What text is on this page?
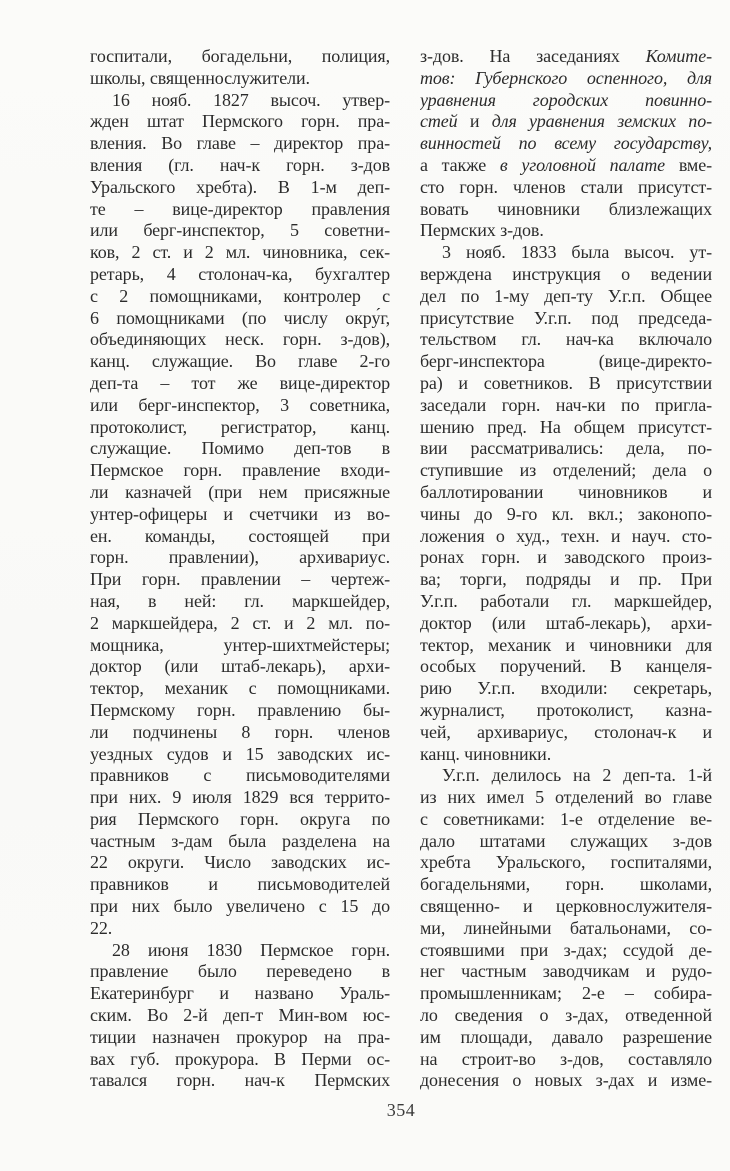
госпитали, богадельни, полиция,
школы, священнослужители.
16 нояб. 1827 высоч. утвер-
жден штат Пермского горн. пра-
вления. Во главе – директор пра-
вления (гл. нач-к горн. з-дов
Уральского хребта). В 1-м деп-
те – вице-директор правления
или берг-инспектор, 5 советни-
ков, 2 ст. и 2 мл. чиновника, сек-
ретарь, 4 столонач-ка, бухгалтер
с 2 помощниками, контролер с
6 помощниками (по числу окру́г,
объединяющих неск. горн. з-дов),
канц. служащие. Во главе 2-го
деп-та – тот же вице-директор
или берг-инспектор, 3 советника,
протоколист, регистратор, канц.
служащие. Помимо деп-тов в
Пермское горн. правление входи-
ли казначей (при нем присяжные
унтер-офицеры и счетчики из во-
ен. команды, состоящей при
горн. правлении), архивариус.
При горн. правлении – чертеж-
ная, в ней: гл. маркшейдер,
2 маркшейдера, 2 ст. и 2 мл. по-
мощника, унтер-шихтмейстеры;
доктор (или штаб-лекарь), архи-
тектор, механик с помощниками.
Пермскому горн. правлению бы-
ли подчинены 8 горн. членов
уездных судов и 15 заводских ис-
правников с письмоводителями
при них. 9 июля 1829 вся террито-
рия Пермского горн. округа по
частным з-дам была разделена на
22 округи. Число заводских ис-
правников и письмоводителей
при них было увеличено с 15 до
22.
28 июня 1830 Пермское горн.
правление было переведено в
Екатеринбург и названо Ураль-
ским. Во 2-й деп-т Мин-вом юс-
тиции назначен прокурор на пра-
вах губ. прокурора. В Перми ос-
тавался горн. нач-к Пермских
з-дов. На заседаниях Комите-
тов: Губернского оспенного, для
уравнения городских повинно-
стей и для уравнения земских по-
винностей по всему государству,
а также в уголовной палате вме-
сто горн. членов стали присутст-
вовать чиновники близлежащих
Пермских з-дов.
3 нояб. 1833 была высоч. ут-
верждена инструкция о ведении
дел по 1-му деп-ту У.г.п. Общее
присутствие У.г.п. под председа-
тельством гл. нач-ка включало
берг-инспектора (вице-директо-
ра) и советников. В присутствии
заседали горн. нач-ки по пригла-
шению пред. На общем присутст-
вии рассматривались: дела, по-
ступившие из отделений; дела о
баллотировании чиновников и
чины до 9-го кл. вкл.; законопо-
ложения о худ., техн. и науч. сто-
ронах горн. и заводского произ-
ва; торги, подряды и пр. При
У.г.п. работали гл. маркшейдер,
доктор (или штаб-лекарь), архи-
тектор, механик и чиновники для
особых поручений. В канцеля-
рию У.г.п. входили: секретарь,
журналист, протоколист, казна-
чей, архивариус, столонач-к и
канц. чиновники.
У.г.п. делилось на 2 деп-та. 1-й
из них имел 5 отделений во главе
с советниками: 1-е отделение ве-
дало штатами служащих з-дов
хребта Уральского, госпиталями,
богадельнями, горн. школами,
священно- и церковнослужителя-
ми, линейными батальонами, со-
стоявшими при з-дах; ссудой де-
нег частным заводчикам и рудо-
промышленникам; 2-е – собира-
ло сведения о з-дах, отведенной
им площади, давало разрешение
на строит-во з-дов, составляло
донесения о новых з-дах и изме-
354
